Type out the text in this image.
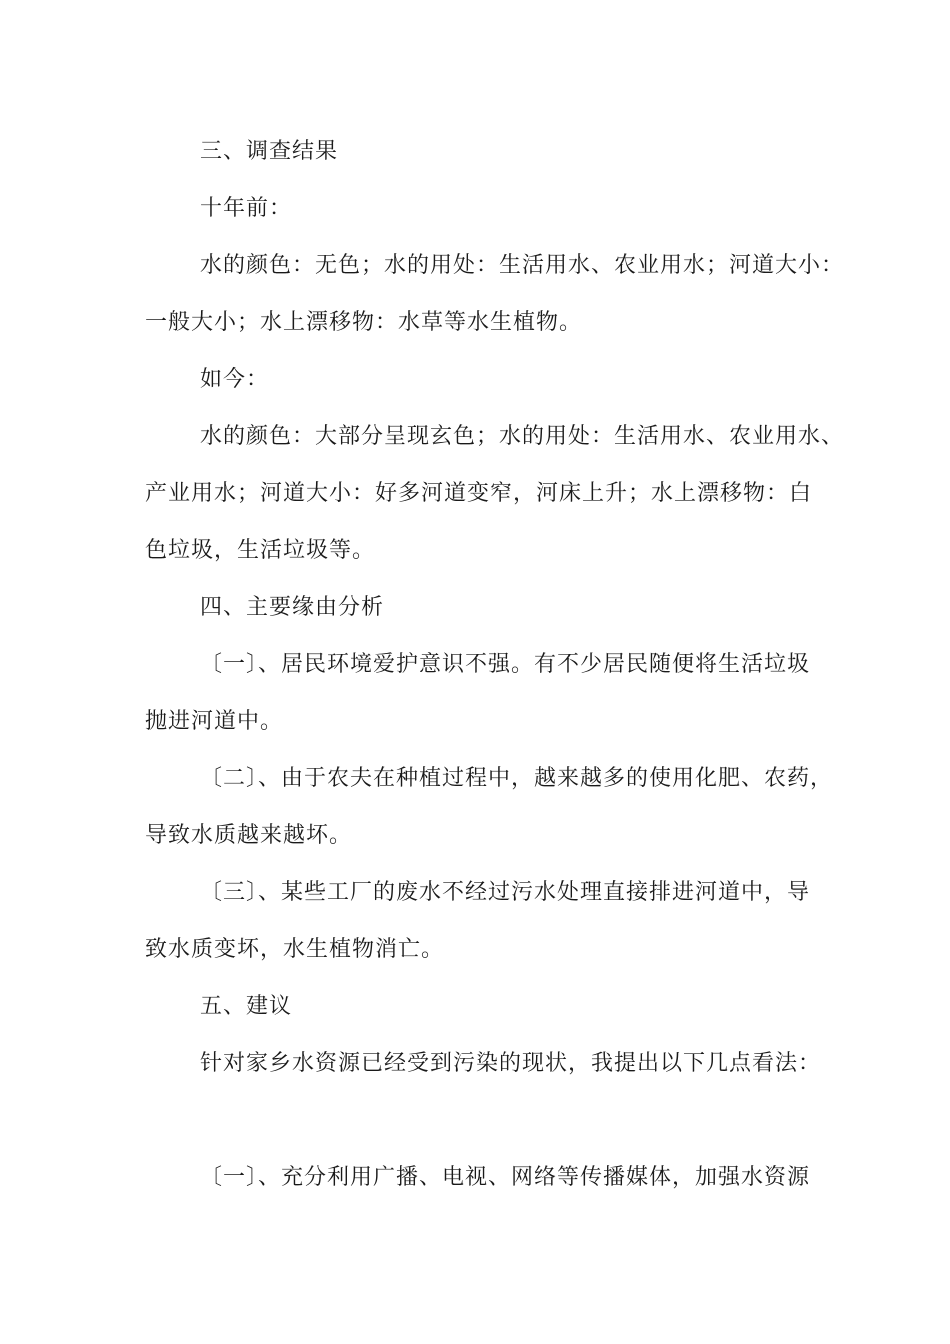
三、调查结果
十年前：
水的颜色：无色；水的用处：生活用水、农业用水；河道大小：
一般大小；水上漂移物：水草等水生植物。
如今：
水的颜色：大部分呈现玄色；水的用处：生活用水、农业用水、
产业用水；河道大小：好多河道变窄，河床上升；水上漂移物：白
色垃圾，生活垃圾等。
四、主要缘由分析
〔一〕、居民环境爱护意识不强。有不少居民随便将生活垃圾
抛进河道中。
〔二〕、由于农夫在种植过程中，越来越多的使用化肥、农药，
导致水质越来越坏。
〔三〕、某些工厂的废水不经过污水处理直接排进河道中，导
致水质变坏，水生植物消亡。
五、建议
针对家乡水资源已经受到污染的现状，我提出以下几点看法：
〔一〕、充分利用广播、电视、网络等传播媒体，加强水资源
